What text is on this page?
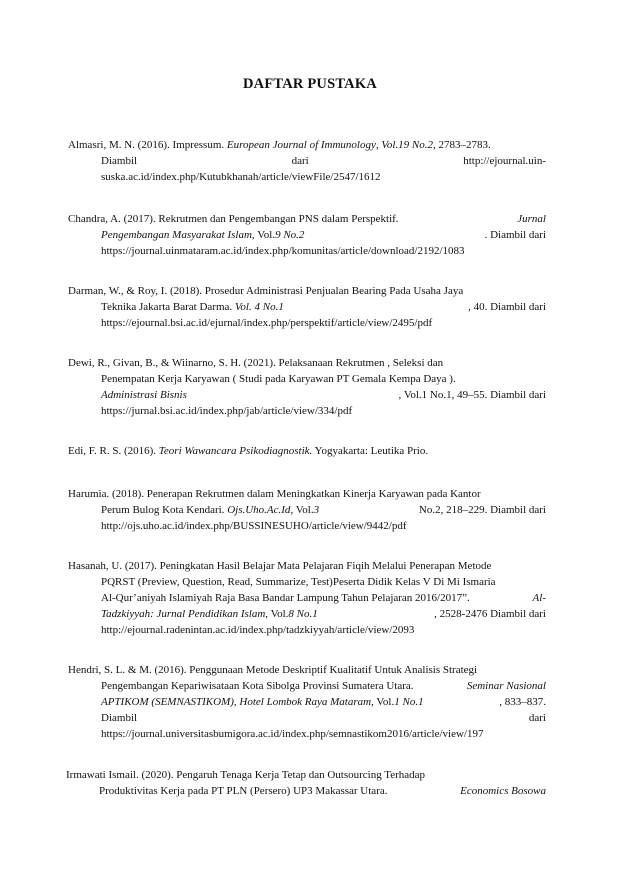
DAFTAR PUSTAKA
Almasri, M. N. (2016). Impressum. European Journal of Immunology, Vol.19 No.2, 2783–2783.
Diambil	dari	http://ejournal.uin-
suska.ac.id/index.php/Kutubkhanah/article/viewFile/2547/1612
Chandra, A. (2017). Rekrutmen dan Pengembangan PNS dalam Perspektif.	Jurnal
Pengembangan Masyarakat Islam, Vol.9 No.2	. Diambil dari
https://journal.uinmataram.ac.id/index.php/komunitas/article/download/2192/1083
Darman, W., & Roy, I. (2018). Prosedur Administrasi Penjualan Bearing Pada Usaha Jaya
Teknika Jakarta Barat Darma. Vol. 4 No.1	, 40. Diambil dari
https://ejournal.bsi.ac.id/ejurnal/index.php/perspektif/article/view/2495/pdf
Dewi, R., Givan, B., & Wiinarno, S. H. (2021). Pelaksanaan Rekrutmen , Seleksi dan
Penempatan Kerja Karyawan ( Studi pada Karyawan PT Gemala Kempa Daya ).
Administrasi Bisnis	, Vol.1 No.1, 49–55. Diambil dari
https://jurnal.bsi.ac.id/index.php/jab/article/view/334/pdf
Edi, F. R. S. (2016). Teori Wawancara Psikodiagnostik. Yogyakarta: Leutika Prio.
Harumia. (2018). Penerapan Rekrutmen dalam Meningkatkan Kinerja Karyawan pada Kantor
Perum Bulog Kota Kendari. Ojs.Uho.Ac.Id, Vol.3	No.2, 218–229. Diambil dari
http://ojs.uho.ac.id/index.php/BUSSINESUHO/article/view/9442/pdf
Hasanah, U. (2017). Peningkatan Hasil Belajar Mata Pelajaran Fiqih Melalui Penerapan Metode
PQRST (Preview, Question, Read, Summarize, Test)Peserta Didik Kelas V Di Mi Ismaria
Al-Qur’aniyah Islamiyah Raja Basa Bandar Lampung Tahun Pelajaran 2016/2017”.	Al-
Tadzkiyyah: Jurnal Pendidikan Islam, Vol.8 No.1	, 2528-2476 Diambil dari
http://ejournal.radenintan.ac.id/index.php/tadzkiyyah/article/view/2093
Hendri, S. L. & M. (2016). Penggunaan Metode Deskriptif Kualitatif Untuk Analisis Strategi
Pengembangan Kepariwisataan Kota Sibolga Provinsi Sumatera Utara.	Seminar Nasional
APTIKOM (SEMNASTIKOM), Hotel Lombok Raya Mataram, Vol.1 No.1	, 833–837.
Diambil	dari
https://journal.universitasbumigora.ac.id/index.php/semnastikom2016/article/view/197
Irmawati Ismail. (2020). Pengaruh Tenaga Kerja Tetap dan Outsourcing Terhadap
Produktivitas Kerja pada PT PLN (Persero) UP3 Makassar Utara.	Economics Bosowa
